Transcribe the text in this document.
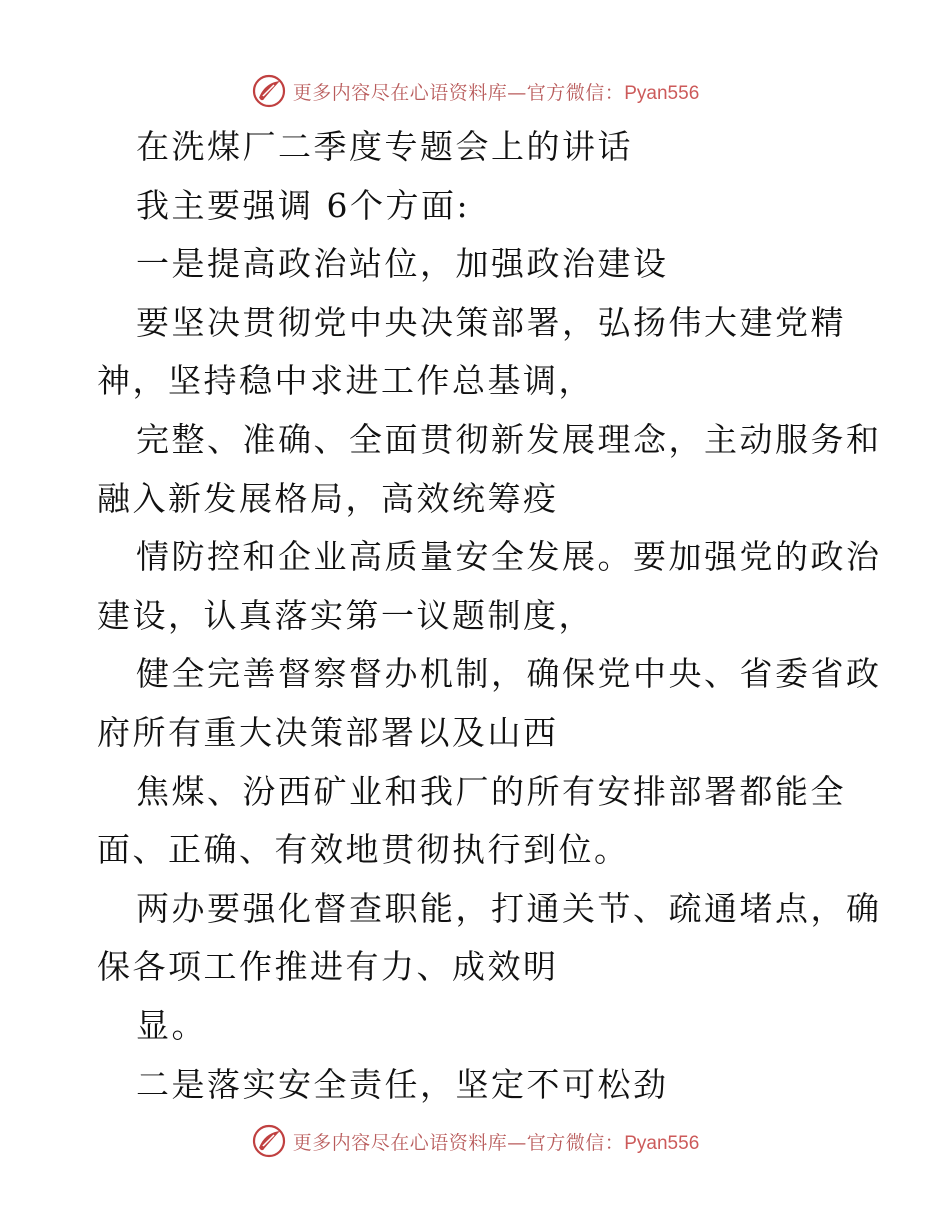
更多内容尽在心语资料库—官方微信：Pyan556
在洗煤厂二季度专题会上的讲话
我主要强调 6个方面:
一是提高政治站位，加强政治建设
要坚决贯彻党中央决策部署，弘扬伟大建党精
神，坚持稳中求进工作总基调，
完整、准确、全面贯彻新发展理念，主动服务和
融入新发展格局，高效统筹疫
情防控和企业高质量安全发展。要加强党的政治
建设，认真落实第一议题制度，
健全完善督察督办机制，确保党中央、省委省政
府所有重大决策部署以及山西
焦煤、汾西矿业和我厂的所有安排部署都能全
面、正确、有效地贯彻执行到位。
两办要强化督查职能，打通关节、疏通堵点，确
保各项工作推进有力、成效明
显。
二是落实安全责任，坚定不可松劲
更多内容尽在心语资料库—官方微信：Pyan556
